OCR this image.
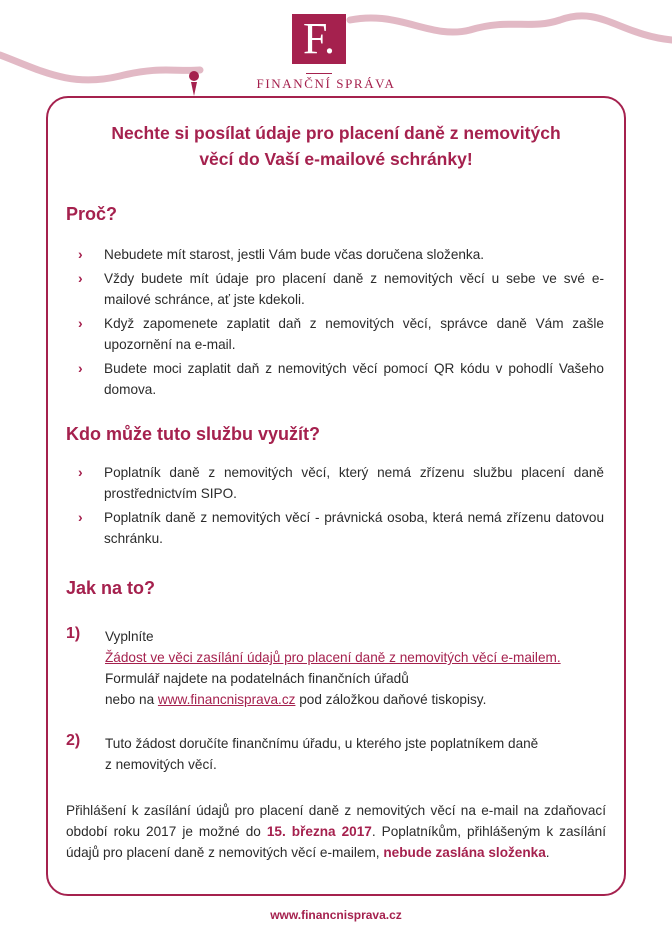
F.
FINANČNÍ SPRÁVA
Nechte si posílat údaje pro placení daně z nemovitých
věcí do Vaší e-mailové schránky!
Proč?
› Nebudete mít starost, jestli Vám bude včas doručena složenka.
› Vždy budete mít údaje pro placení daně z nemovitých věcí u sebe ve své e-mailové schránce, ať jste kdekoli.
› Když zapomenete zaplatit daň z nemovitých věcí, správce daně Vám zašle upozornění na e-mail.
› Budete moci zaplatit daň z nemovitých věcí pomocí QR kódu v pohodlí Vašeho domova.
Kdo může tuto službu využít?
› Poplatník daně z nemovitých věcí, který nemá zřízenu službu placení daně prostřednictvím SIPO.
› Poplatník daně z nemovitých věcí - právnická osoba, která nemá zřízenu datovou schránku.
Jak na to?
1) Vyplníte
Žádost ve věci zasílání údajů pro placení daně z nemovitých věcí e-mailem.
Formulář najdete na podatelnách finančních úřadů
nebo na www.financnisprava.cz pod záložkou daňové tiskopisy.
2) Tuto žádost doručíte finančnímu úřadu, u kterého jste poplatníkem daně
z nemovitých věcí.
Přihlášení k zasílání údajů pro placení daně z nemovitých věcí na e-mail na zdaňovací období roku 2017 je možné do 15. března 2017. Poplatníkům, přihlášeným k zasílání údajů pro placení daně z nemovitých věcí e-mailem, nebude zaslána složenka.
www.financnisprava.cz
